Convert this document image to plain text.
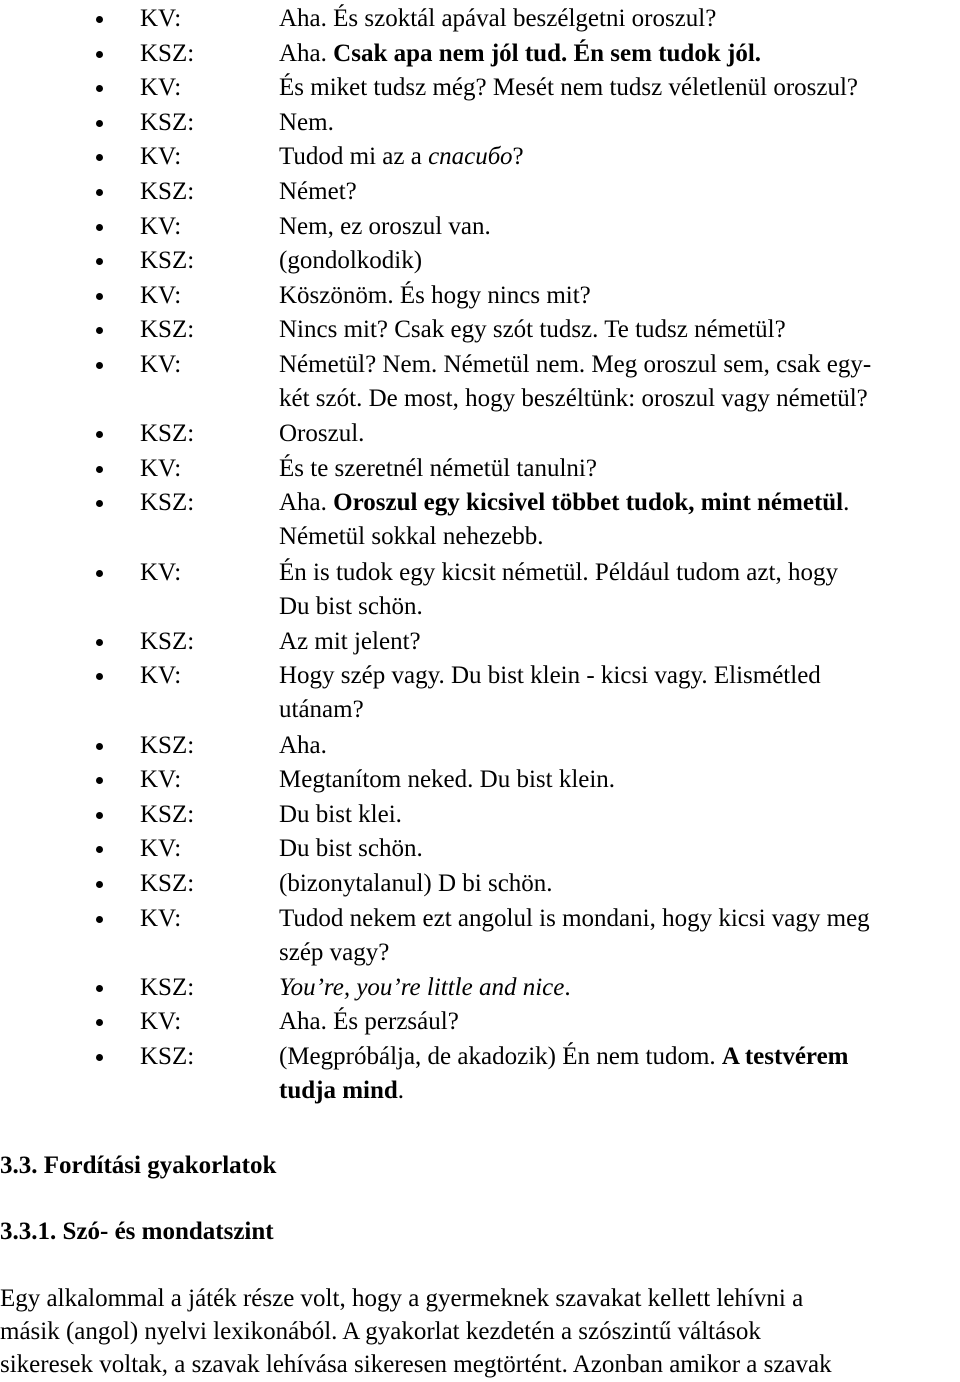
KV:	Aha. És szoktál apával beszélgetni oroszul?
KSZ:	Aha. Csak apa nem jól tud. Én sem tudok jól.
KV:	És miket tudsz még? Mesét nem tudsz véletlenül oroszul?
KSZ:	Nem.
KV:	Tudod mi az a спасибо?
KSZ:	Német?
KV:	Nem, ez oroszul van.
KSZ:	(gondolkodik)
KV:	Köszönöm. És hogy nincs mit?
KSZ:	Nincs mit? Csak egy szót tudsz. Te tudsz németül?
KV:	Németül? Nem. Németül nem. Meg oroszul sem, csak egy-
két szót. De most, hogy beszéltünk: oroszul vagy németül?
KSZ:	Oroszul.
KV:	És te szeretnél németül tanulni?
KSZ:	Aha. Oroszul egy kicsivel többet tudok, mint németül.
Németül sokkal nehezebb.
KV:	Én is tudok egy kicsit németül. Például tudom azt, hogy
Du bist schön.
KSZ:	Az mit jelent?
KV:	Hogy szép vagy. Du bist klein - kicsi vagy. Elismétled
utánam?
KSZ:	Aha.
KV:	Megtanítom neked. Du bist klein.
KSZ:	Du bist klei.
KV:	Du bist schön.
KSZ:	(bizonytalanul) D bi schön.
KV:	Tudod nekem ezt angolul is mondani, hogy kicsi vagy meg
szép vagy?
KSZ:	You’re, you’re little and nice.
KV:	Aha. És perzsául?
KSZ:	(Megpróbálja, de akadozik) Én nem tudom. A testvérem
tudja mind.
3.3. Fordítási gyakorlatok
3.3.1. Szó- és mondatszint
Egy alkalommal a játék része volt, hogy a gyermeknek szavakat kellett lehívni a
másik (angol) nyelvi lexikonából. A gyakorlat kezdetén a szószintű váltások
sikeresek voltak, a szavak lehívása sikeresen megtörtént. Azonban amikor a szavak
